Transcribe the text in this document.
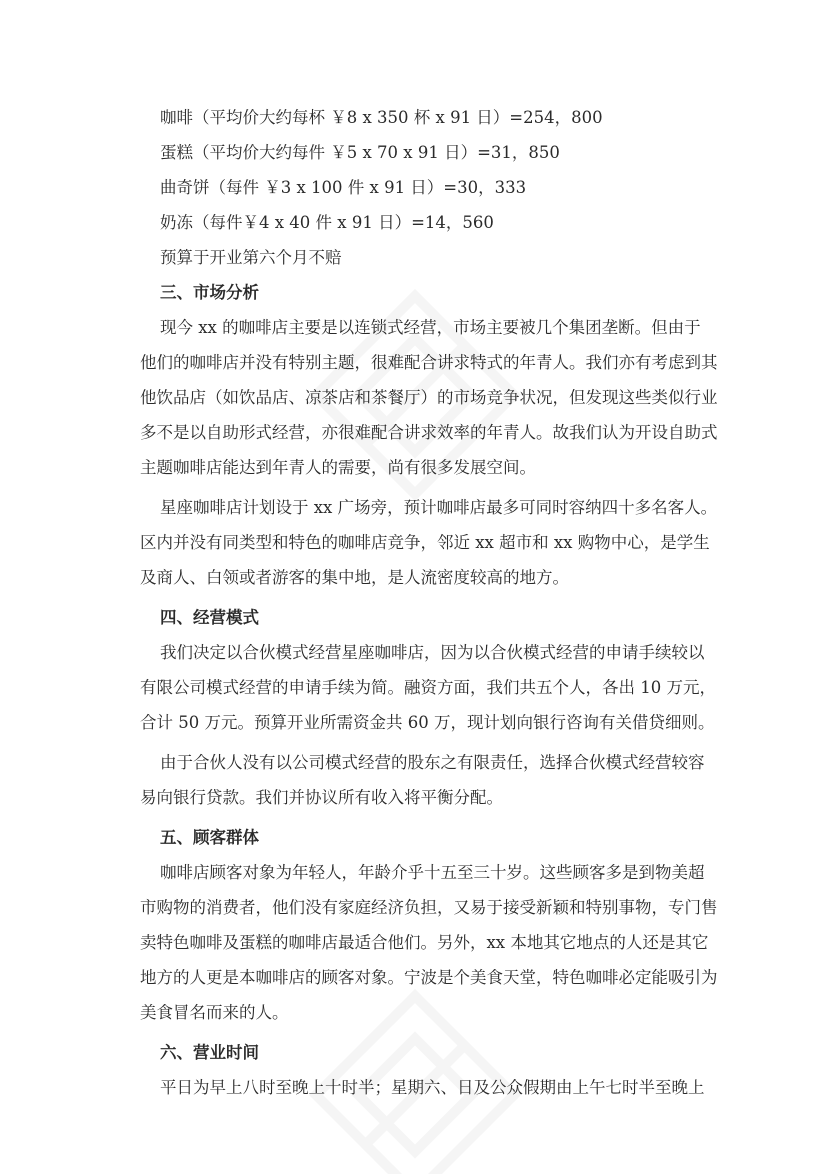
咖啡（平均价大约每杯 ￥8 x 350 杯 x 91 日）=254，800

蛋糕（平均价大约每件 ￥5 x 70 x 91 日）=31，850

曲奇饼（每件 ￥3 x 100 件 x 91 日）=30，333

奶冻（每件￥4 x 40 件 x 91 日）=14，560

预算于开业第六个月不赔

三、市场分析

现今 xx 的咖啡店主要是以连锁式经营，市场主要被几个集团垄断。但由于

他们的咖啡店并没有特别主题，很难配合讲求特式的年青人。我们亦有考虑到其

他饮品店（如饮品店、凉茶店和茶餐厅）的市场竞争状况，但发现这些类似行业

多不是以自助形式经营，亦很难配合讲求效率的年青人。故我们认为开设自助式

主题咖啡店能达到年青人的需要，尚有很多发展空间。

星座咖啡店计划设于 xx 广场旁，预计咖啡店最多可同时容纳四十多名客人。

区内并没有同类型和特色的咖啡店竞争，邻近 xx 超市和 xx 购物中心，是学生

及商人、白领或者游客的集中地，是人流密度较高的地方。

四、经营模式

我们决定以合伙模式经营星座咖啡店，因为以合伙模式经营的申请手续较以

有限公司模式经营的申请手续为简。融资方面，我们共五个人，各出 10 万元，

合计 50 万元。预算开业所需资金共 60 万，现计划向银行咨询有关借贷细则。

由于合伙人没有以公司模式经营的股东之有限责任，选择合伙模式经营较容

易向银行贷款。我们并协议所有收入将平衡分配。

五、顾客群体

咖啡店顾客对象为年轻人，年龄介乎十五至三十岁。这些顾客多是到物美超

市购物的消费者，他们没有家庭经济负担，又易于接受新颖和特别事物，专门售

卖特色咖啡及蛋糕的咖啡店最适合他们。另外，xx 本地其它地点的人还是其它

地方的人更是本咖啡店的顾客对象。宁波是个美食天堂，特色咖啡必定能吸引为

美食冒名而来的人。

六、营业时间

平日为早上八时至晚上十时半；星期六、日及公众假期由上午七时半至晚上
